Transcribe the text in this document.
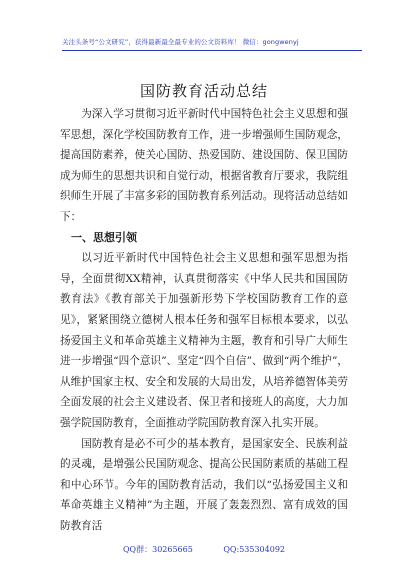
关注头条号“公文研究”，获得最新最全最专业的公文资料库！ 微信：gongwenyj
国防教育活动总结

为深入学习贯彻习近平新时代中国特色社会主义思想和强军思想，深化学校国防教育工作，进一步增强师生国防观念，提高国防素养，使关心国防、热爱国防、建设国防、保卫国防成为师生的思想共识和自觉行动，根据省教育厅要求，我院组织师生开展了丰富多彩的国防教育系列活动。现将活动总结如下：

一、思想引领

以习近平新时代中国特色社会主义思想和强军思想为指导，全面贯彻XX精神，认真贯彻落实《中华人民共和国国防教育法》《教育部关于加强新形势下学校国防教育工作的意见》，紧紧围绕立德树人根本任务和强军目标根本要求，以弘扬爱国主义和革命英雄主义精神为主题，教育和引导广大师生进一步增强“四个意识”、坚定“四个自信”、做到“两个维护”，从维护国家主权、安全和发展的大局出发，从培养德智体美劳全面发展的社会主义建设者、保卫者和接班人的高度，大力加强学院国防教育，全面推动学院国防教育深入扎实开展。

国防教育是必不可少的基本教育，是国家安全、民族利益的灵魂，是增强公民国防观念、提高公民国防素质的基础工程和中心环节。今年的国防教育活动，我们以“弘扬爱国主义和革命英雄主义精神”为主题，开展了轰轰烈烈、富有成效的国防教育活

QQ群：30265665	QQ:535304092
